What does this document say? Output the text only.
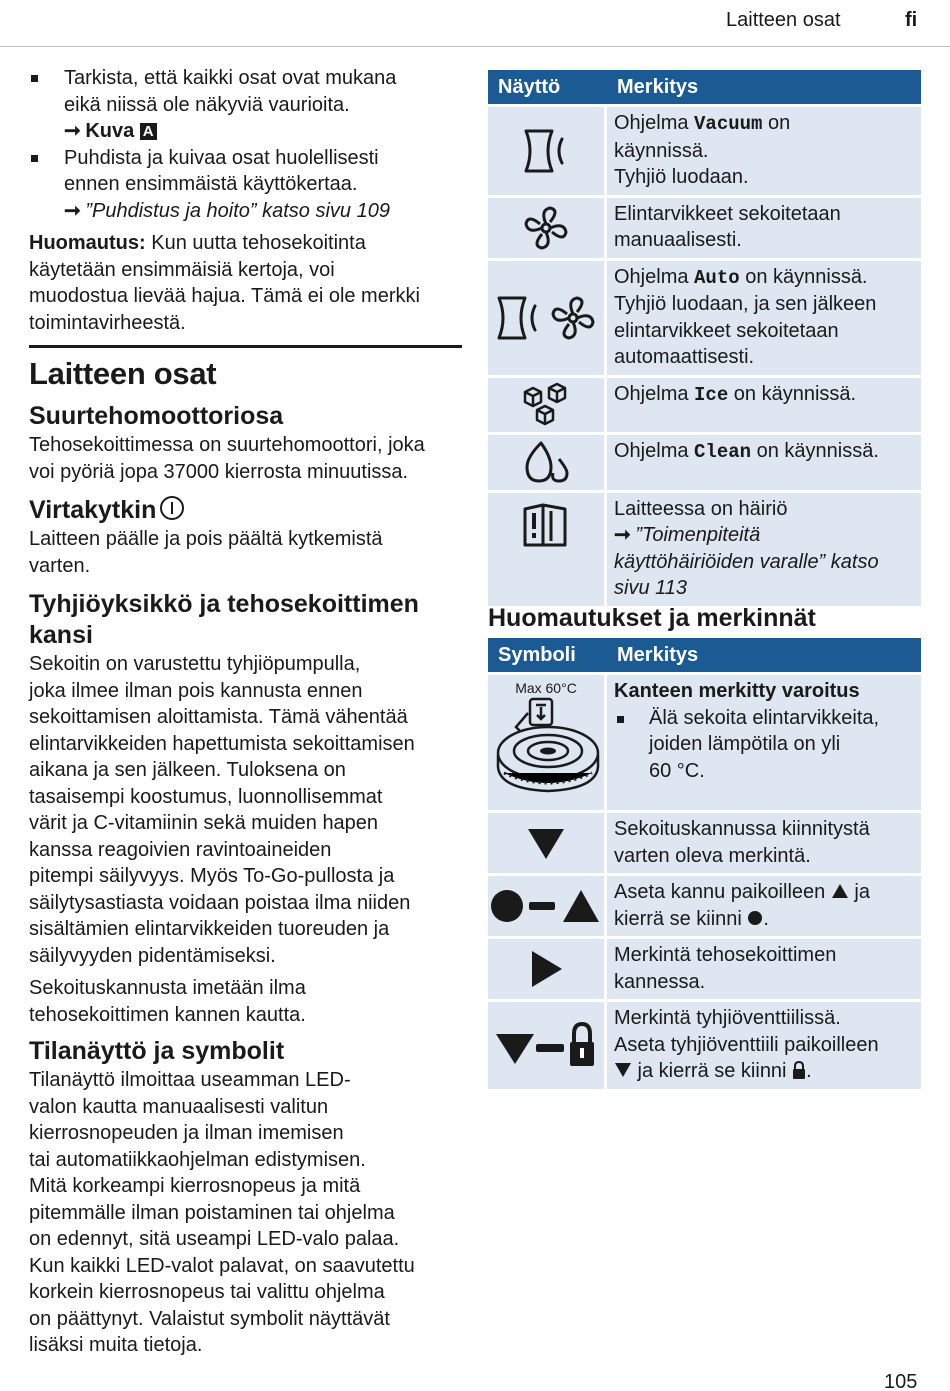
Laitteen osat	fi
Tarkista, että kaikki osat ovat mukana
eikä niissä ole näkyviä vaurioita.
➞ Kuva A
Puhdista ja kuivaa osat huolellisesti
ennen ensimmäistä käyttökertaa.
➞ ”Puhdistus ja hoito” katso sivu 109
Huomautus: Kun uutta tehosekoitinta
käytetään ensimmäisiä kertoja, voi
muodostua lievää hajua. Tämä ei ole merkki
toimintavirheestä.
Laitteen osat
Suurtehomoottoriosa
Tehosekoittimessa on suurtehomoottori, joka
voi pyöriä jopa 37000 kierrosta minuutissa.
Virtakytkin
Laitteen päälle ja pois päältä kytkemistä
varten.
Tyhjiöyksikkö ja tehosekoittimen
kansi
Sekoitin on varustettu tyhjiöpumpulla,
joka ilmee ilman pois kannusta ennen
sekoittamisen aloittamista. Tämä vähentää
elintarvikkeiden hapettumista sekoittamisen
aikana ja sen jälkeen. Tuloksena on
tasaisempi koostumus, luonnollisemmat
värit ja C-vitamiinin sekä muiden hapen
kanssa reagoivien ravintoaineiden
pitempi säilyvyys. Myös To-Go-pullosta ja
säilytysastiasta voidaan poistaa ilma niiden
sisältämien elintarvikkeiden tuoreuden ja
säilyvyyden pidentämiseksi.
Sekoituskannusta imetään ilma
tehosekoittimen kannen kautta.
Tilanäyttö ja symbolit
Tilanäyttö ilmoittaa useamman LED-
valon kautta manuaalisesti valitun
kierrosnopeuden ja ilman imemisen
tai automatiikkaohjelman edistymisen.
Mitä korkeampi kierrosnopeus ja mitä
pitemmälle ilman poistaminen tai ohjelma
on edennyt, sitä useampi LED-valo palaa.
Kun kaikki LED-valot palavat, on saavutettu
korkein kierrosnopeus tai valittu ohjelma
on päättynyt. Valaistut symbolit näyttävät
lisäksi muita tietoja.
Näyttö	Merkitys

Ohjelma Vacuum on
käynnissä.
Tyhjiö luodaan.

Elintarvikkeet sekoitetaan
manuaalisesti.

Ohjelma Auto on käynnissä.
Tyhjiö luodaan, ja sen jälkeen
elintarvikkeet sekoitetaan
automaattisesti.

Ohjelma Ice on käynnissä.

Ohjelma Clean on käynnissä.

Laitteessa on häiriö
➞ ”Toimenpiteitä
käyttöhäiriöiden varalle” katso
sivu 113
Huomautukset ja merkinnät
Symboli	Merkitys

Max 60°C	Kanteen merkitty varoitus
Älä sekoita elintarvikkeita,
joiden lämpötila on yli
60 °C.

Sekoituskannussa kiinnitystä
varten oleva merkintä.

Aseta kannu paikoilleen  ja
kierrä se kiinni .

Merkintä tehosekoittimen
kannessa.

Merkintä tyhjiöventtiilissä.
Aseta tyhjiöventtiili paikoilleen
ja kierrä se kiinni .
105
